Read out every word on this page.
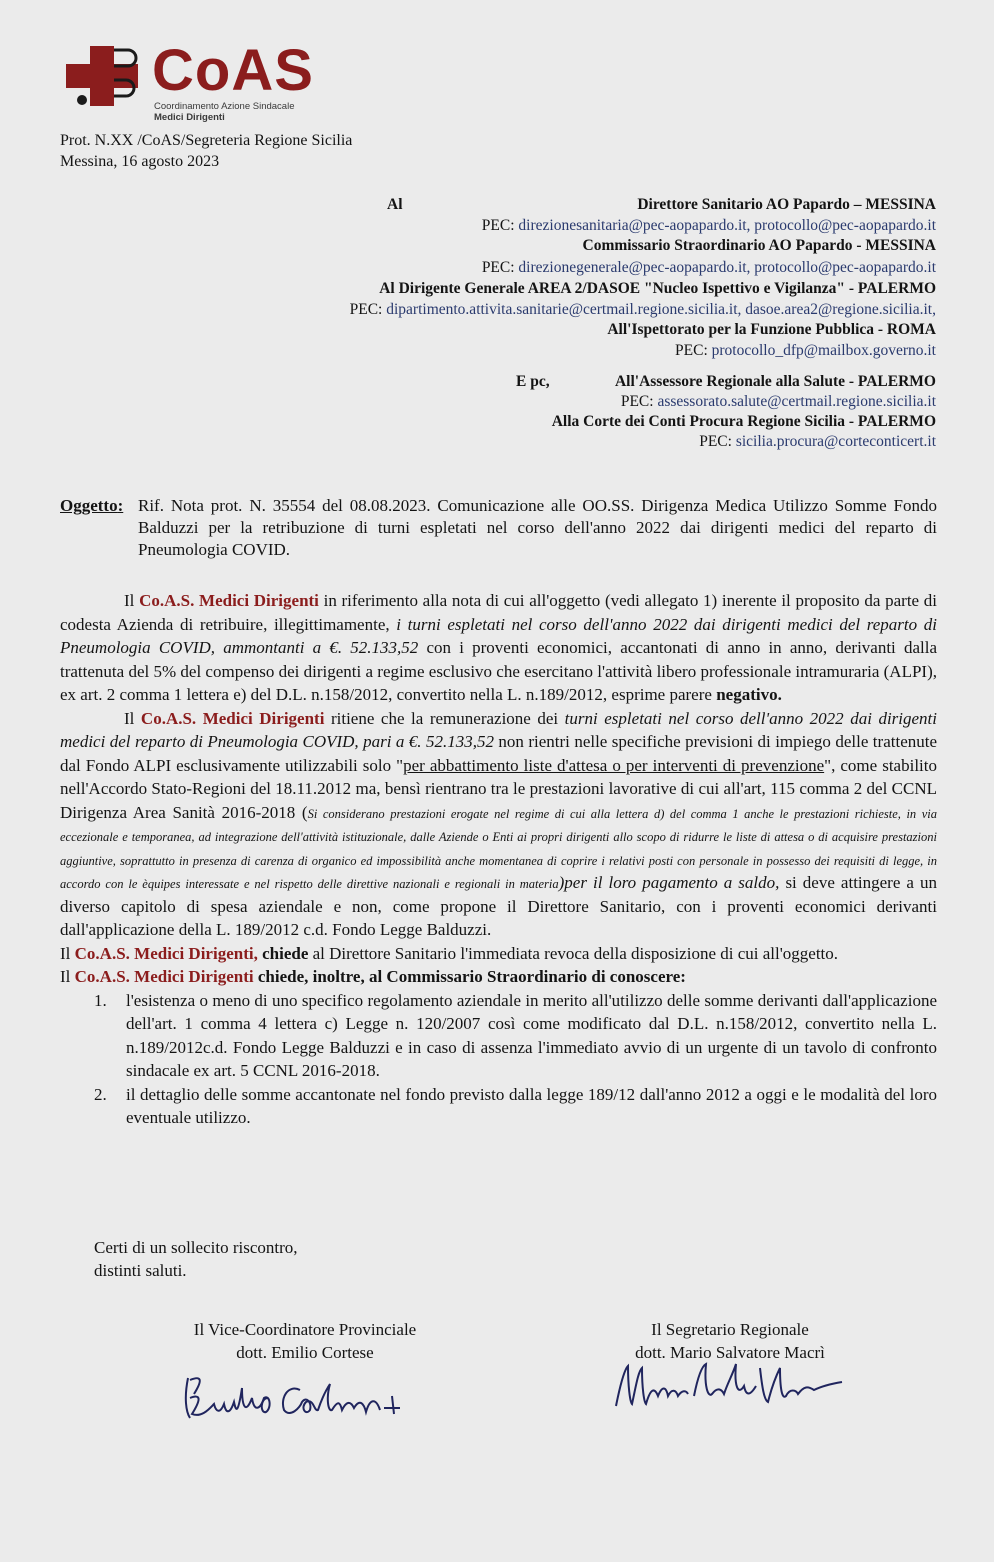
CoAS
Coordinamento Azione Sindacale
Medici Dirigenti
Prot. N.XX /CoAS/Segreteria Regione Sicilia
Messina, 16 agosto 2023
Al	Direttore Sanitario AO Papardo – MESSINA
PEC: direzionesanitaria@pec-aopapardo.it, protocollo@pec-aopapardo.it
Commissario Straordinario AO Papardo - MESSINA
PEC: direzionegenerale@pec-aopapardo.it, protocollo@pec-aopapardo.it
Al Dirigente Generale AREA 2/DASOE "Nucleo Ispettivo e Vigilanza" - PALERMO
PEC: dipartimento.attivita.sanitarie@certmail.regione.sicilia.it, dasoe.area2@regione.sicilia.it,
All'Ispettorato per la Funzione Pubblica - ROMA
PEC: protocollo_dfp@mailbox.governo.it
E pc,	All'Assessore Regionale alla Salute - PALERMO
PEC: assessorato.salute@certmail.regione.sicilia.it
Alla Corte dei Conti Procura Regione Sicilia - PALERMO
PEC: sicilia.procura@corteconticert.it
Oggetto: Rif. Nota prot. N. 35554 del 08.08.2023. Comunicazione alle OO.SS. Dirigenza Medica Utilizzo Somme Fondo Balduzzi per la retribuzione di turni espletati nel corso dell'anno 2022 dai dirigenti medici del reparto di Pneumologia COVID.

Il Co.A.S. Medici Dirigenti in riferimento alla nota di cui all'oggetto (vedi allegato 1) inerente il proposito da parte di codesta Azienda di retribuire, illegittimamente, i turni espletati nel corso dell'anno 2022 dai dirigenti medici del reparto di Pneumologia COVID, ammontanti a €. 52.133,52 con i proventi economici, accantonati di anno in anno, derivanti dalla trattenuta del 5% del compenso dei dirigenti a regime esclusivo che esercitano l'attività libero professionale intramuraria (ALPI), ex art. 2 comma 1 lettera e) del D.L. n.158/2012, convertito nella L. n.189/2012, esprime parere negativo.

Il Co.A.S. Medici Dirigenti ritiene che la remunerazione dei turni espletati nel corso dell'anno 2022 dai dirigenti medici del reparto di Pneumologia COVID, pari a €. 52.133,52 non rientri nelle specifiche previsioni di impiego delle trattenute dal Fondo ALPI esclusivamente utilizzabili solo "per abbattimento liste d'attesa o per interventi di prevenzione", come stabilito nell'Accordo Stato-Regioni del 18.11.2012 ma, bensì rientrano tra le prestazioni lavorative di cui all'art, 115 comma 2 del CCNL Dirigenza Area Sanità 2016-2018 (Si considerano prestazioni erogate nel regime di cui alla lettera d) del comma 1 anche le prestazioni richieste, in via eccezionale e temporanea, ad integrazione dell'attività istituzionale, dalle Aziende o Enti ai propri dirigenti allo scopo di ridurre le liste di attesa o di acquisire prestazioni aggiuntive, soprattutto in presenza di carenza di organico ed impossibilità anche momentanea di coprire i relativi posti con personale in possesso dei requisiti di legge, in accordo con le èquipes interessate e nel rispetto delle direttive nazionali e regionali in materia)per il loro pagamento a saldo, si deve attingere a un diverso capitolo di spesa aziendale e non, come propone il Direttore Sanitario, con i proventi economici derivanti dall'applicazione della L. 189/2012 c.d. Fondo Legge Balduzzi.

Il Co.A.S. Medici Dirigenti, chiede al Direttore Sanitario l'immediata revoca della disposizione di cui all'oggetto.

Il Co.A.S. Medici Dirigenti chiede, inoltre, al Commissario Straordinario di conoscere:

1. l'esistenza o meno di uno specifico regolamento aziendale in merito all'utilizzo delle somme derivanti dall'applicazione dell'art. 1 comma 4 lettera c) Legge n. 120/2007 così come modificato dal D.L. n.158/2012, convertito nella L. n.189/2012c.d. Fondo Legge Balduzzi e in caso di assenza l'immediato avvio di un urgente di un tavolo di confronto sindacale ex art. 5 CCNL 2016-2018.
2. il dettaglio delle somme accantonate nel fondo previsto dalla legge 189/12 dall'anno 2012 a oggi e le modalità del loro eventuale utilizzo.
Certi di un sollecito riscontro,
distinti saluti.
Il Vice-Coordinatore Provinciale
dott. Emilio Cortese
Il Segretario Regionale
dott. Mario Salvatore Macrì
